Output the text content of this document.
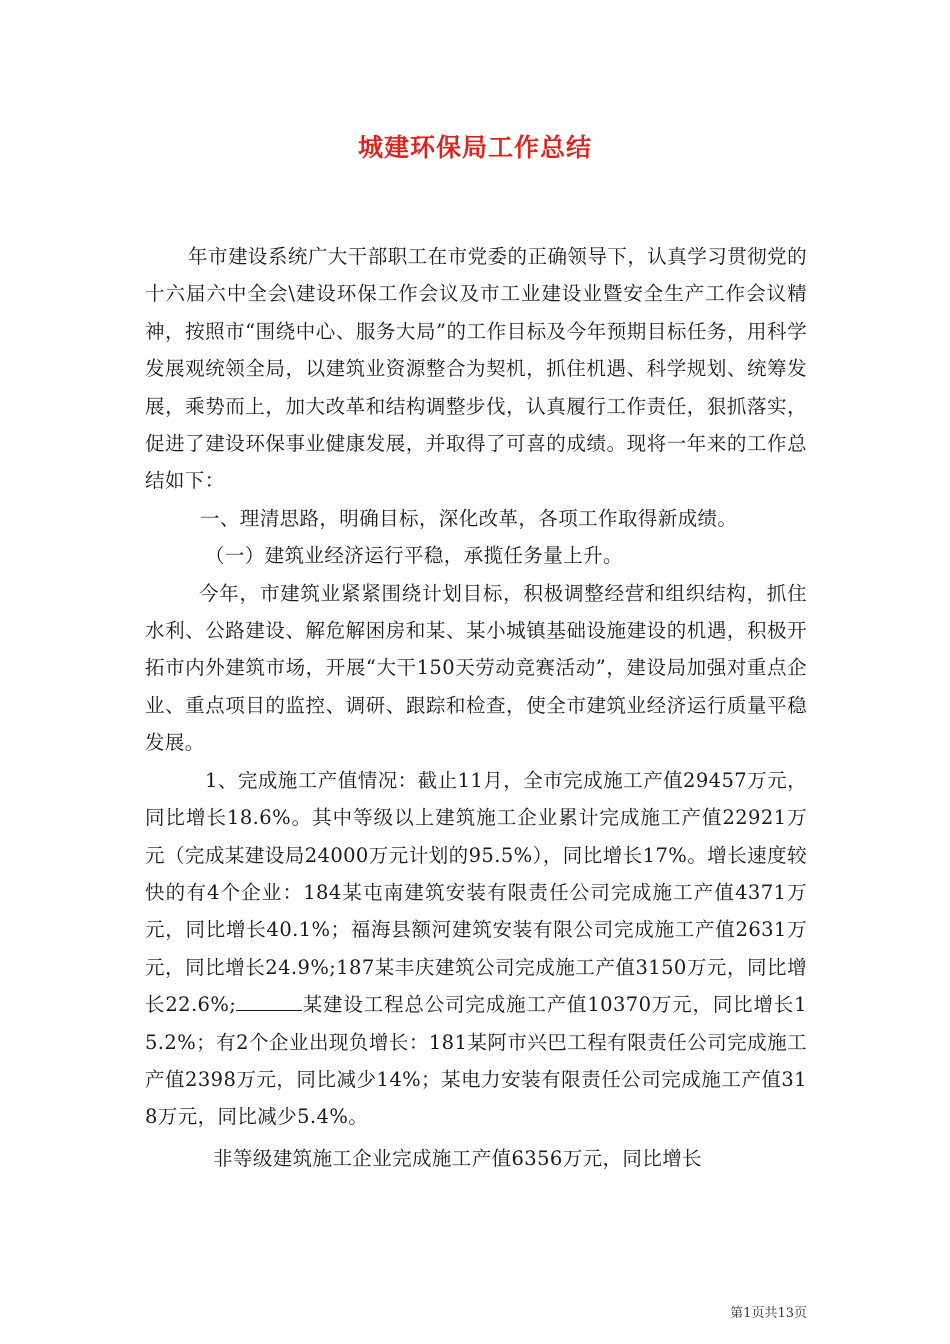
城建环保局工作总结

年市建设系统广大干部职工在市党委的正确领导下，认真学习贯彻党的十六届六中全会\建设环保工作会议及市工业建设业暨安全生产工作会议精神，按照市“围绕中心、服务大局”的工作目标及今年预期目标任务，用科学发展观统领全局，以建筑业资源整合为契机，抓住机遇、科学规划、统筹发展，乘势而上，加大改革和结构调整步伐，认真履行工作责任，狠抓落实，促进了建设环保事业健康发展，并取得了可喜的成绩。现将一年来的工作总结如下：

一、理清思路，明确目标，深化改革，各项工作取得新成绩。

（一）建筑业经济运行平稳，承揽任务量上升。

今年，市建筑业紧紧围绕计划目标，积极调整经营和组织结构，抓住水利、公路建设、解危解困房和某、某小城镇基础设施建设的机遇，积极开拓市内外建筑市场，开展“大干150天劳动竞赛活动”，建设局加强对重点企业、重点项目的监控、调研、跟踪和检查，使全市建筑业经济运行质量平稳发展。

1、完成施工产值情况：截止11月，全市完成施工产值29457万元，同比增长18.6%。其中等级以上建筑施工企业累计完成施工产值22921万元（完成某建设局24000万元计划的95.5%），同比增长17%。增长速度较快的有4个企业：184某屯南建筑安装有限责任公司完成施工产值4371万元，同比增长40.1%；福海县额河建筑安装有限公司完成施工产值2631万元，同比增长24.9%;187某丰庆建筑公司完成施工产值3150万元，同比增长22.6%;	某建设工程总公司完成施工产值10370万元，同比增长15.2%；有2个企业出现负增长：181某阿市兴巴工程有限责任公司完成施工产值2398万元，同比减少14%；某电力安装有限责任公司完成施工产值318万元，同比减少5.4%。

非等级建筑施工企业完成施工产值6356万元，同比增长

第1页共13页
